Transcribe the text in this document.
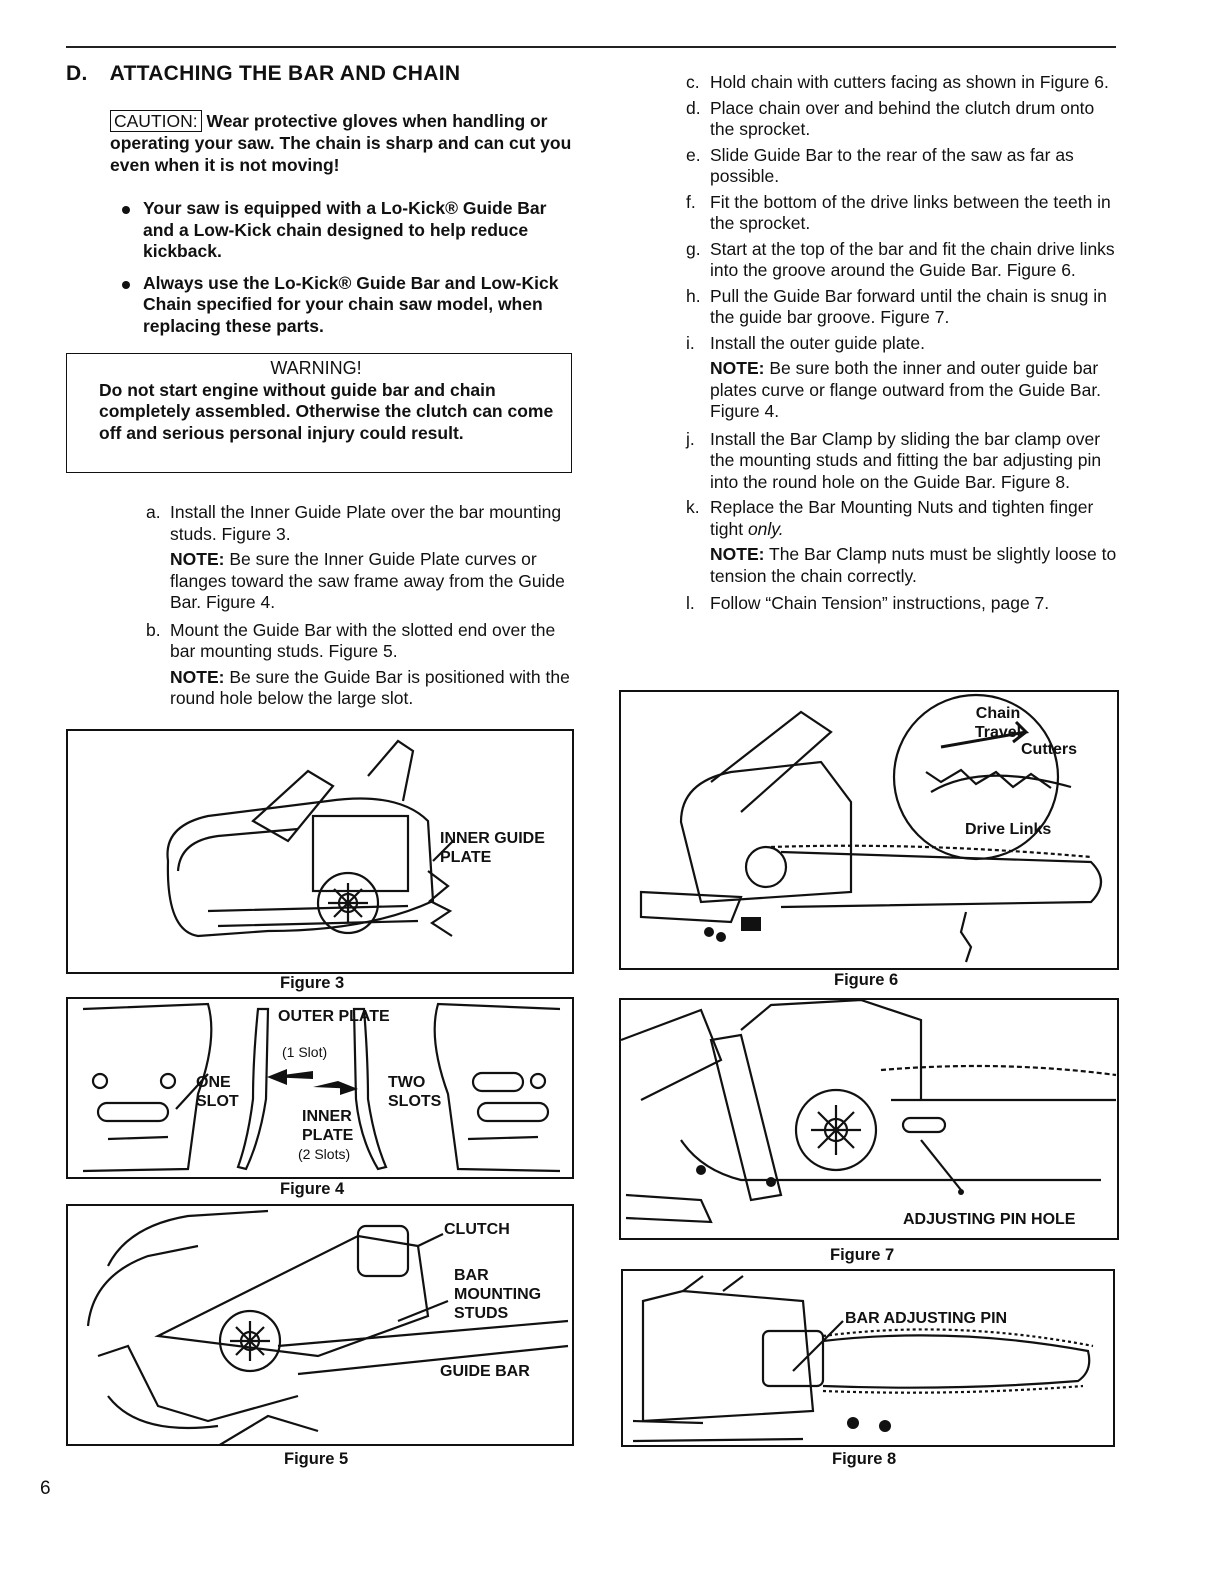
D. ATTACHING THE BAR AND CHAIN
CAUTION: Wear protective gloves when handling or operating your saw. The chain is sharp and can cut you even when it is not moving!
Your saw is equipped with a Lo-Kick® Guide Bar and a Low-Kick chain designed to help reduce kickback.
Always use the Lo-Kick® Guide Bar and Low-Kick Chain specified for your chain saw model, when replacing these parts.
WARNING!
Do not start engine without guide bar and chain completely assembled. Otherwise the clutch can come off and serious personal injury could result.
a. Install the Inner Guide Plate over the bar mounting studs. Figure 3.
NOTE: Be sure the Inner Guide Plate curves or flanges toward the saw frame away from the Guide Bar. Figure 4.
b. Mount the Guide Bar with the slotted end over the bar mounting studs. Figure 5.
NOTE: Be sure the Guide Bar is positioned with the round hole below the large slot.
c. Hold chain with cutters facing as shown in Figure 6.
d. Place chain over and behind the clutch drum onto the sprocket.
e. Slide Guide Bar to the rear of the saw as far as possible.
f. Fit the bottom of the drive links between the teeth in the sprocket.
g. Start at the top of the bar and fit the chain drive links into the groove around the Guide Bar. Figure 6.
h. Pull the Guide Bar forward until the chain is snug in the guide bar groove. Figure 7.
i. Install the outer guide plate.
NOTE: Be sure both the inner and outer guide bar plates curve or flange outward from the Guide Bar. Figure 4.
j. Install the Bar Clamp by sliding the bar clamp over the mounting studs and fitting the bar adjusting pin into the round hole on the Guide Bar. Figure 8.
k. Replace the Bar Mounting Nuts and tighten finger tight only.
NOTE: The Bar Clamp nuts must be slightly loose to tension the chain correctly.
l. Follow “Chain Tension” instructions, page 7.
INNER GUIDE PLATE
Figure 3
OUTER PLATE
(1 Slot)
ONE SLOT
TWO SLOTS
INNER PLATE
(2 Slots)
Figure 4
CLUTCH
BAR MOUNTING STUDS
GUIDE BAR
Figure 5
Chain Travel
Cutters
Drive Links
Figure 6
ADJUSTING PIN HOLE
Figure 7
BAR ADJUSTING PIN
Figure 8
6
